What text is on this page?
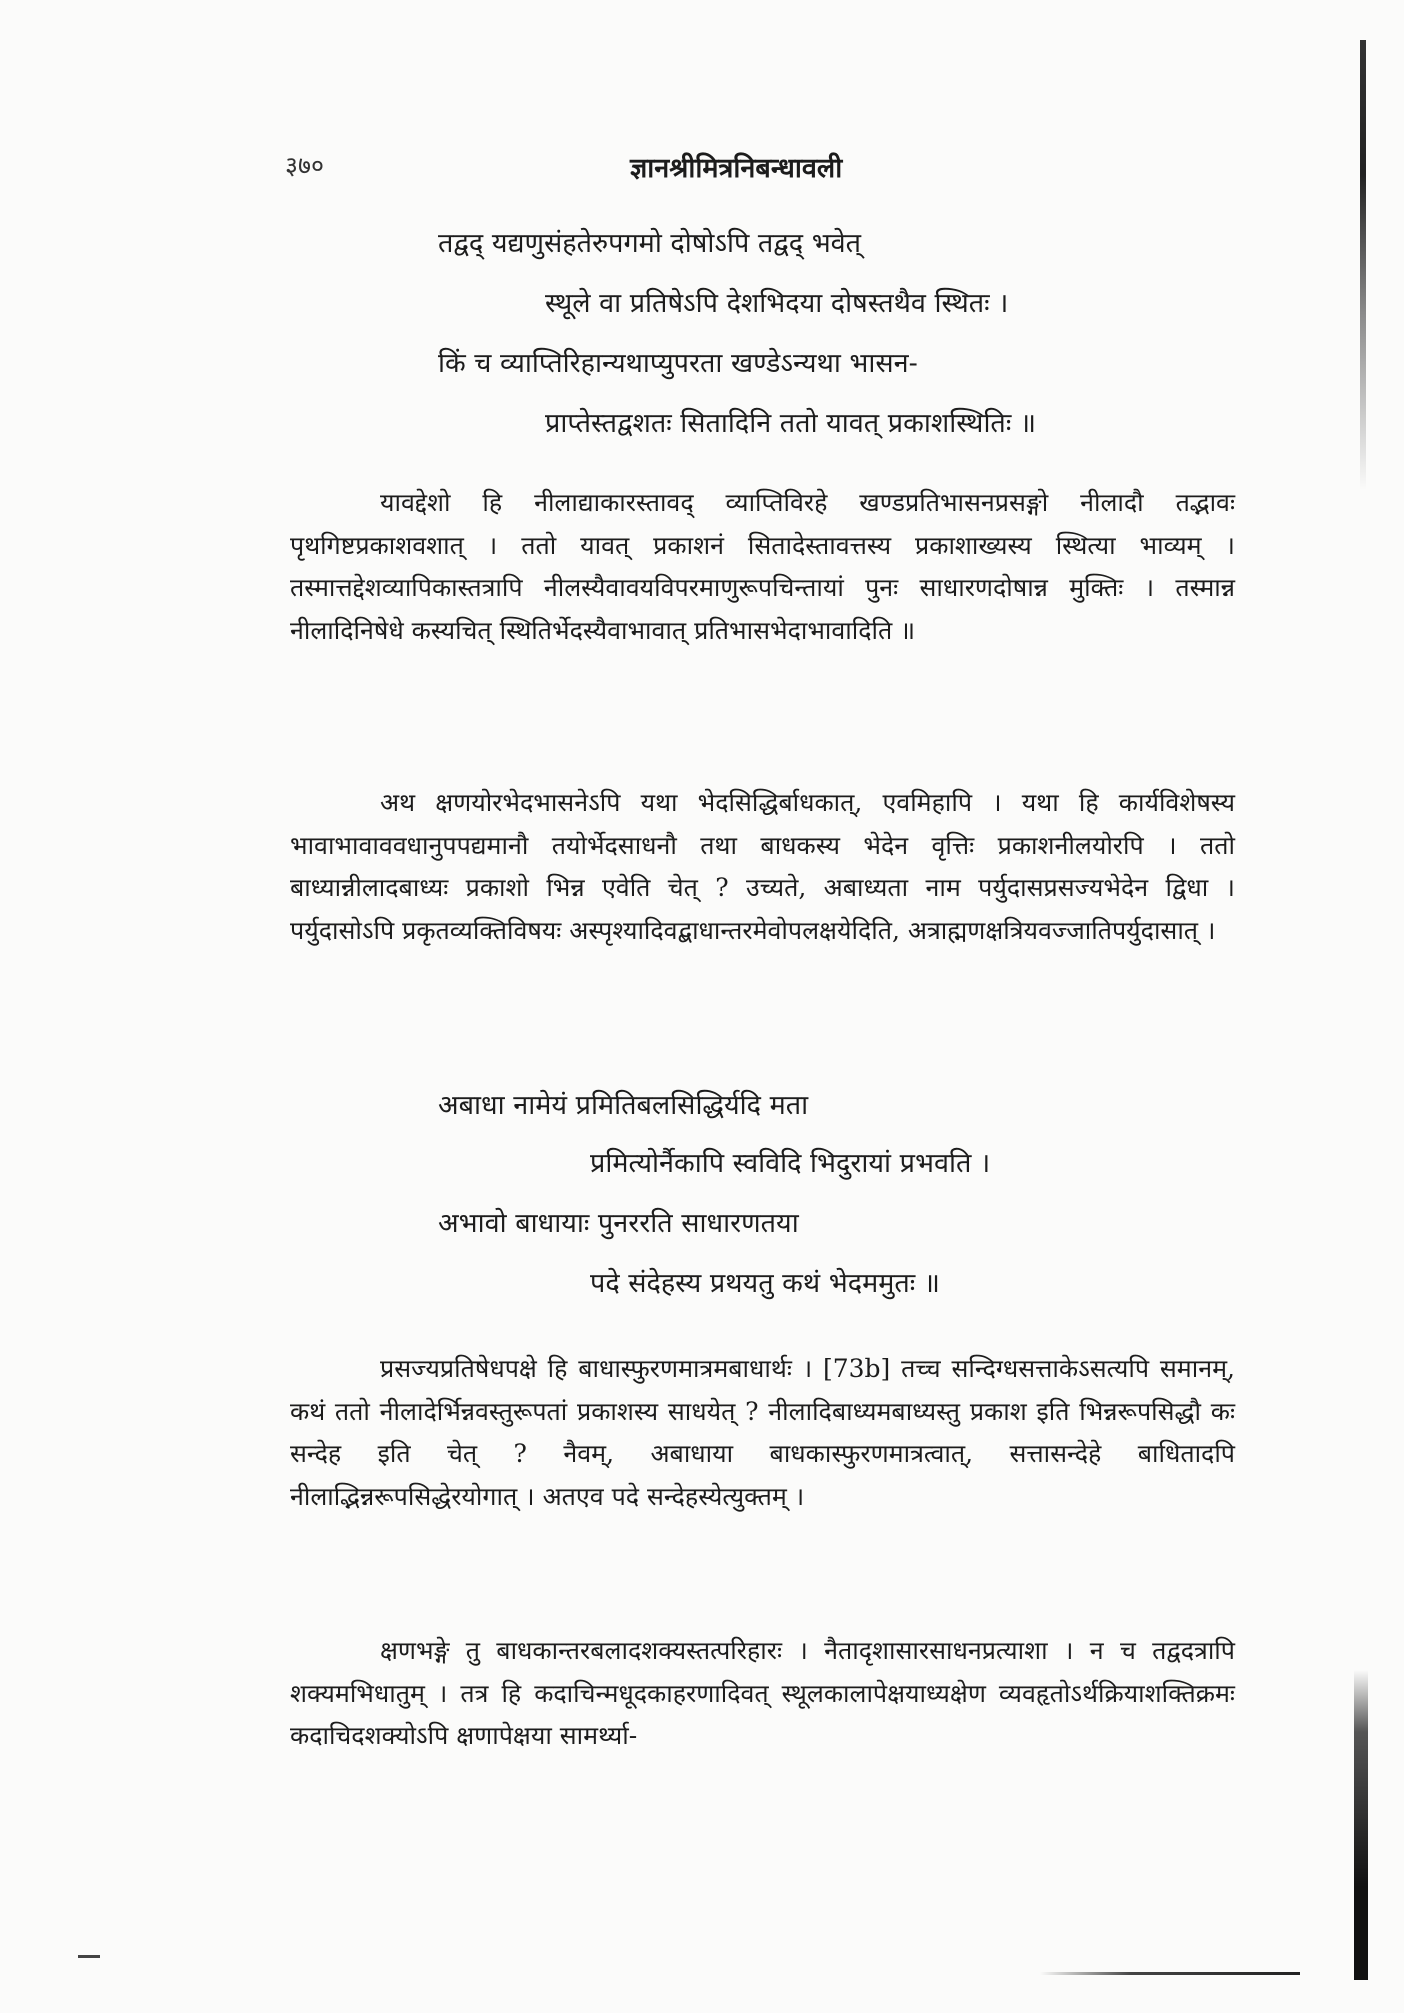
३७०	ज्ञानश्रीमित्रनिबन्धावली
तद्वद् यद्यणुसंहतेरुपगमो दोषोऽपि तद्वद् भवेत्
स्थूले वा प्रतिषेऽपि देशभिदया दोषस्तथैव स्थितः ।
किं च व्याप्तिरिहान्यथाप्युपरता खण्डेऽन्यथा भासन-
प्राप्तेस्तद्वशतः सितादिनि ततो यावत् प्रकाशस्थितिः ॥

यावद्देशो हि नीलाद्याकारस्तावद् व्याप्तिविरहे खण्डप्रतिभासनप्रसङ्गो नीलादौ तद्भावः पृथगिष्टप्रकाशवशात् । ततो यावत् प्रकाशनं सितादेस्तावत्तस्य प्रकाशाख्यस्य स्थित्या भाव्यम् । तस्मात्तद्देशव्यापिकास्तत्रापि नीलस्यैवावयविपरमाणुरूपचिन्तायां पुनः साधारणदोषान्न मुक्तिः । तस्मान्न नीलादिनिषेधे कस्यचित् स्थितिर्भेदस्यैवाभावात् प्रतिभासभेदाभावादिति ॥

अथ क्षणयोरभेदभासनेऽपि यथा भेदसिद्धिर्बाधकात्, एवमिहापि । यथा हि कार्यविशेषस्य भावाभावाववधानुपपद्यमानौ तयोर्भेदसाधनौ तथा बाधकस्य भेदेन वृत्तिः प्रकाशनीलयोरपि । ततो बाध्यान्नीलादबाध्यः प्रकाशो भिन्न एवेति चेत् ? उच्यते, अबाध्यता नाम पर्युदासप्रसज्यभेदेन द्विधा । पर्युदासोऽपि प्रकृतव्यक्तिविषयः अस्पृश्यादिवद्बाधान्तरमेवोपलक्षयेदिति, अत्राह्मणक्षत्रियवज्जातिपर्युदासात् ।

अबाधा नामेयं प्रमितिबलसिद्धिर्यदि मता
प्रमित्योर्नैकापि स्वविदि भिदुरायां प्रभवति ।
अभावो बाधायाः पुनररति साधारणतया
पदे संदेहस्य प्रथयतु कथं भेदममुतः ॥

प्रसज्यप्रतिषेधपक्षे हि बाधास्फुरणमात्रमबाधार्थः । [73b] तच्च सन्दिग्धसत्ताकेऽसत्यपि समानम्, कथं ततो नीलादेर्भिन्नवस्तुरूपतां प्रकाशस्य साधयेत् ? नीलादिबाध्यमबाध्यस्तु प्रकाश इति भिन्नरूपसिद्धौ कः सन्देह इति चेत् ? नैवम्, अबाधाया बाधकास्फुरणमात्रत्वात्, सत्तासन्देहे बाधितादपि नीलाद्भिन्नरूपसिद्धेरयोगात् । अतएव पदे सन्देहस्येत्युक्तम् ।

क्षणभङ्गे तु बाधकान्तरबलादशक्यस्तत्परिहारः । नैतादृशासारसाधनप्रत्याशा । न च तद्वदत्रापि शक्यमभिधातुम् । तत्र हि कदाचिन्मधूदकाहरणादिवत् स्थूलकालापेक्षयाध्यक्षेण व्यवहृतोऽर्थक्रियाशक्तिक्रमः कदाचिदशक्योऽपि क्षणापेक्षया सामर्थ्या-
